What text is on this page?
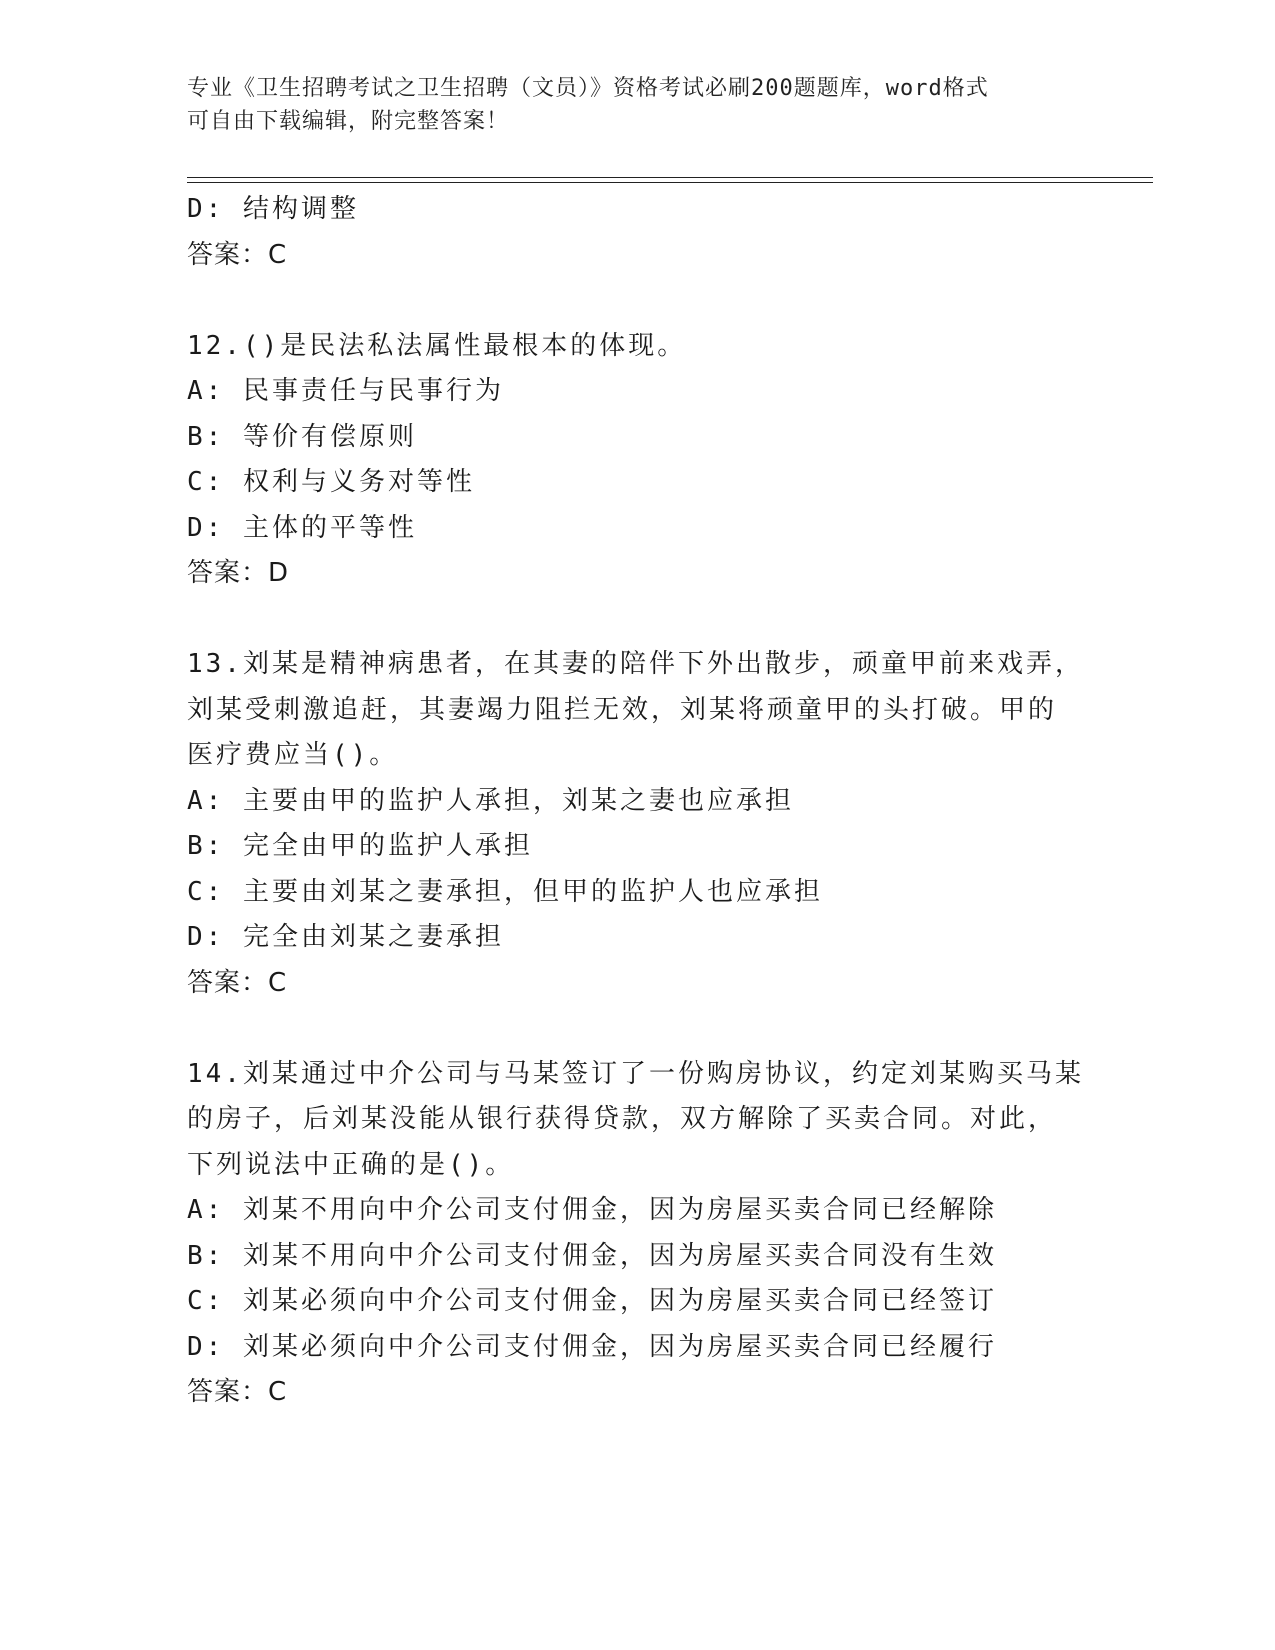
专业《卫生招聘考试之卫生招聘（文员）》资格考试必刷200题题库，word格式
可自由下载编辑，附完整答案！
D: 结构调整
答案：C
12.()是民法私法属性最根本的体现。
A: 民事责任与民事行为
B: 等价有偿原则
C: 权利与义务对等性
D: 主体的平等性
答案：D
13.刘某是精神病患者，在其妻的陪伴下外出散步，顽童甲前来戏弄，
刘某受刺激追赶，其妻竭力阻拦无效，刘某将顽童甲的头打破。甲的
医疗费应当()。
A: 主要由甲的监护人承担，刘某之妻也应承担
B: 完全由甲的监护人承担
C: 主要由刘某之妻承担，但甲的监护人也应承担
D: 完全由刘某之妻承担
答案：C
14.刘某通过中介公司与马某签订了一份购房协议，约定刘某购买马某
的房子，后刘某没能从银行获得贷款，双方解除了买卖合同。对此，
下列说法中正确的是()。
A: 刘某不用向中介公司支付佣金，因为房屋买卖合同已经解除
B: 刘某不用向中介公司支付佣金，因为房屋买卖合同没有生效
C: 刘某必须向中介公司支付佣金，因为房屋买卖合同已经签订
D: 刘某必须向中介公司支付佣金，因为房屋买卖合同已经履行
答案：C
